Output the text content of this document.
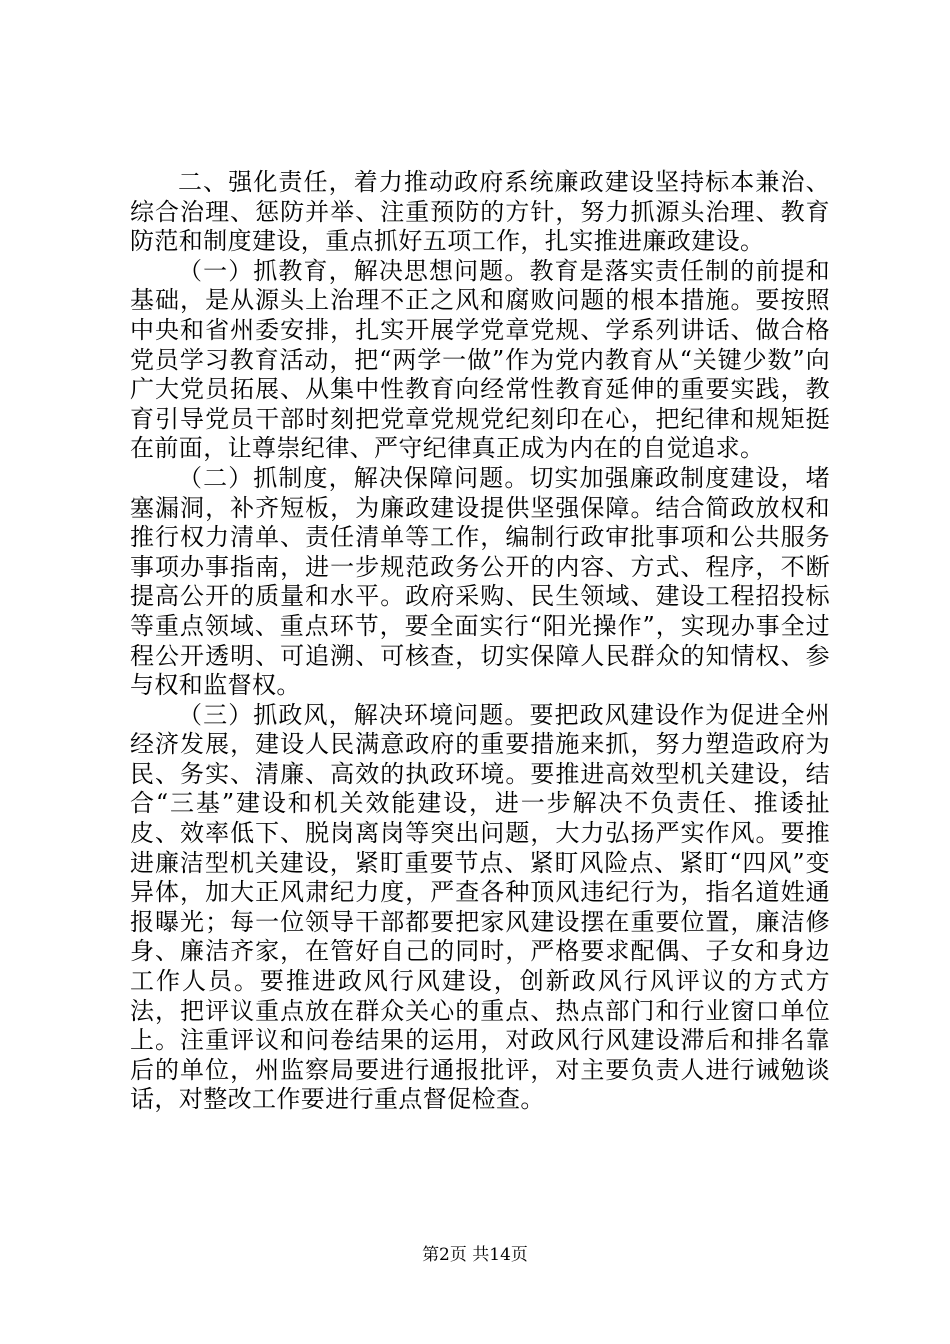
二、强化责任，着力推动政府系统廉政建设坚持标本兼治、综合治理、惩防并举、注重预防的方针，努力抓源头治理、教育防范和制度建设，重点抓好五项工作，扎实推进廉政建设。

（一）抓教育，解决思想问题。教育是落实责任制的前提和基础，是从源头上治理不正之风和腐败问题的根本措施。要按照中央和省州委安排，扎实开展学党章党规、学系列讲话、做合格党员学习教育活动，把“两学一做”作为党内教育从“关键少数”向广大党员拓展、从集中性教育向经常性教育延伸的重要实践，教育引导党员干部时刻把党章党规党纪刻印在心，把纪律和规矩挺在前面，让尊崇纪律、严守纪律真正成为内在的自觉追求。

（二）抓制度，解决保障问题。切实加强廉政制度建设，堵塞漏洞，补齐短板，为廉政建设提供坚强保障。结合简政放权和推行权力清单、责任清单等工作，编制行政审批事项和公共服务事项办事指南，进一步规范政务公开的内容、方式、程序，不断提高公开的质量和水平。政府采购、民生领域、建设工程招投标等重点领域、重点环节，要全面实行“阳光操作”，实现办事全过程公开透明、可追溯、可核查，切实保障人民群众的知情权、参与权和监督权。

（三）抓政风，解决环境问题。要把政风建设作为促进全州经济发展，建设人民满意政府的重要措施来抓，努力塑造政府为民、务实、清廉、高效的执政环境。要推进高效型机关建设，结合“三基”建设和机关效能建设，进一步解决不负责任、推诿扯皮、效率低下、脱岗离岗等突出问题，大力弘扬严实作风。要推进廉洁型机关建设，紧盯重要节点、紧盯风险点、紧盯“四风”变异体，加大正风肃纪力度，严查各种顶风违纪行为，指名道姓通报曝光；每一位领导干部都要把家风建设摆在重要位置，廉洁修身、廉洁齐家，在管好自己的同时，严格要求配偶、子女和身边工作人员。要推进政风行风建设，创新政风行风评议的方式方法，把评议重点放在群众关心的重点、热点部门和行业窗口单位上。注重评议和问卷结果的运用，对政风行风建设滞后和排名靠后的单位，州监察局要进行通报批评，对主要负责人进行诫勉谈话，对整改工作要进行重点督促检查。

第2页 共14页
